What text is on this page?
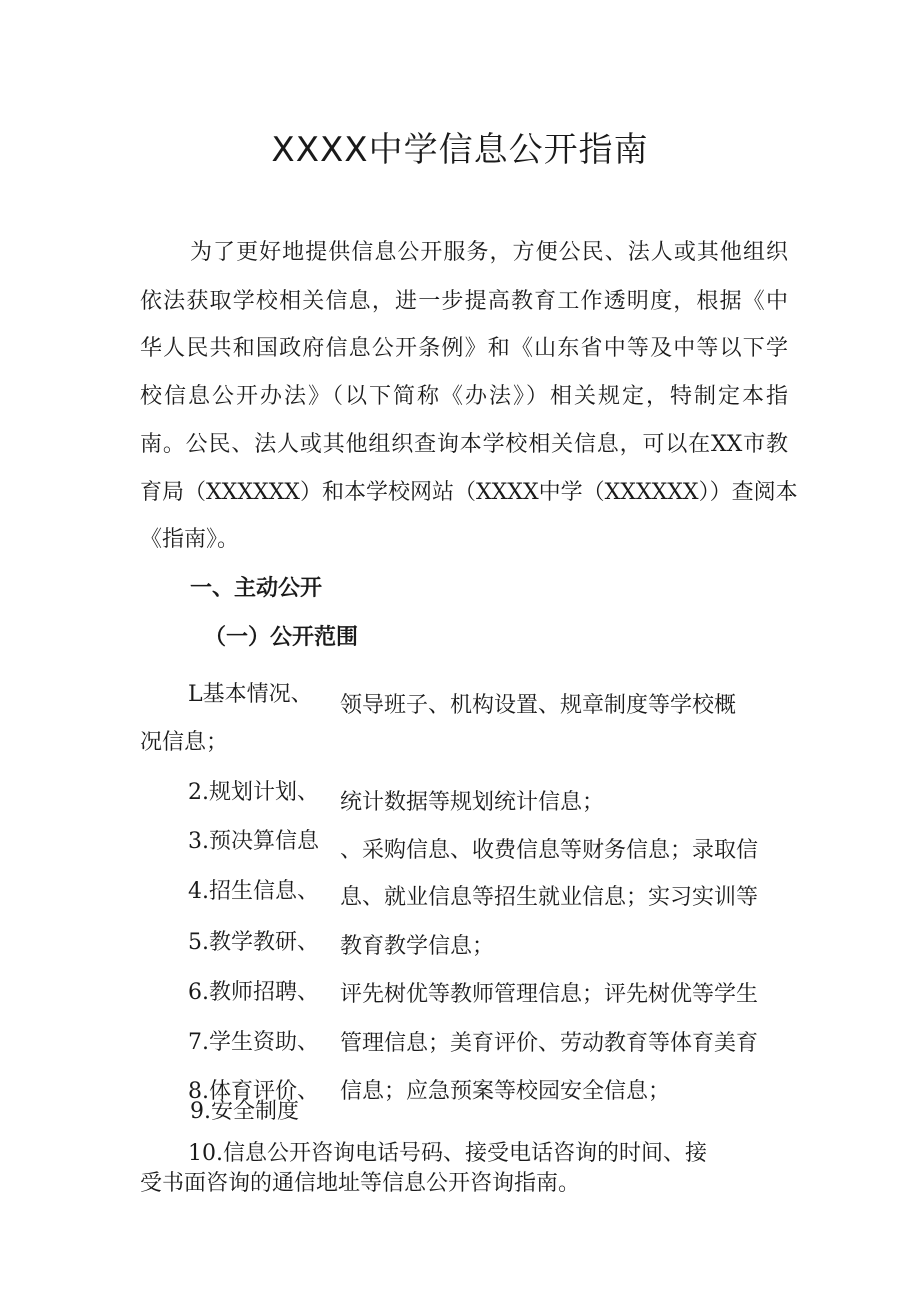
XXXX中学信息公开指南
为了更好地提供信息公开服务，方便公民、法人或其他组织
依法获取学校相关信息，进一步提高教育工作透明度，根据《中
华人民共和国政府信息公开条例》和《山东省中等及中等以下学
校信息公开办法》（以下简称《办法》）相关规定，特制定本指
南。公民、法人或其他组织查询本学校相关信息，可以在XX市教
育局（XXXXXX）和本学校网站（XXXX中学（XXXXXX））查阅本
《指南》。
一、主动公开
（一）公开范围
L基本情况、
况信息；
2.规划计划、
3.预决算信息
4.招生信息、
5.教学教研、
6.教师招聘、
7.学生资助、
8.体育评价、
9.安全制度
领导班子、机构设置、规章制度等学校概
统计数据等规划统计信息；
、采购信息、收费信息等财务信息；录取信
息、就业信息等招生就业信息；实习实训等
教育教学信息；
评先树优等教师管理信息；评先树优等学生
管理信息；美育评价、劳动教育等体育美育
信息；应急预案等校园安全信息；
10.信息公开咨询电话号码、接受电话咨询的时间、接
受书面咨询的通信地址等信息公开咨询指南。
